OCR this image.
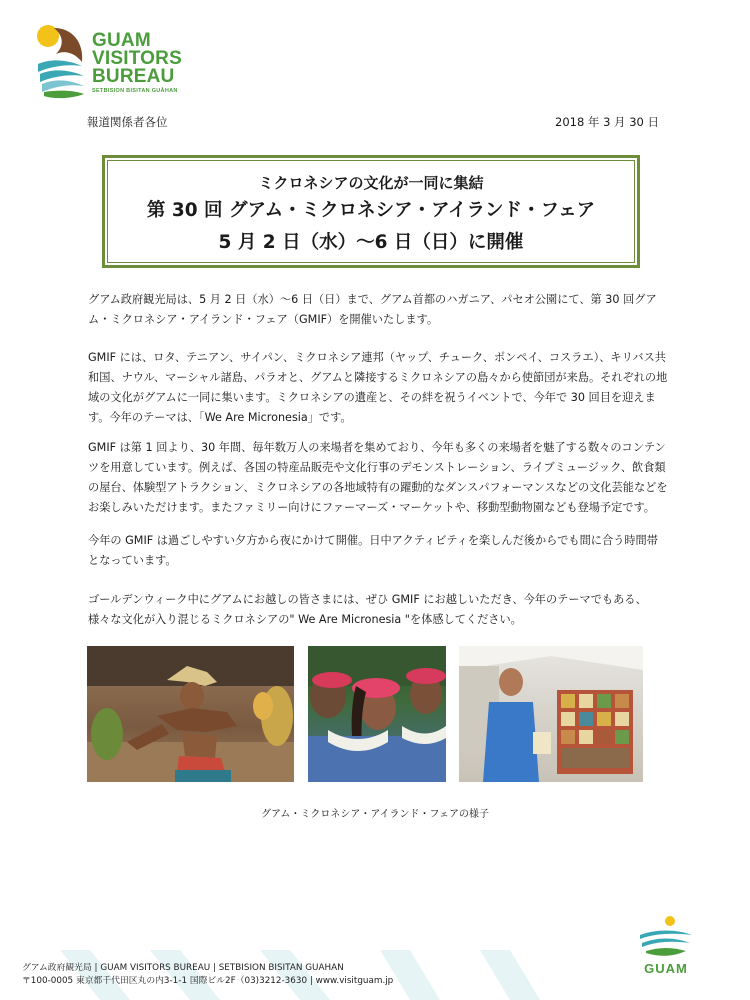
GUAM
VISITORS
BUREAU
SETBISION BISITAN GUÅHAN
報道関係者各位	2018 年 3 月 30 日
ミクロネシアの文化が一同に集結
第 30 回 グアム・ミクロネシア・アイランド・フェア
5 月 2 日（水）～6 日（日）に開催

グアム政府観光局は、5 月 2 日（水）～6 日（日）まで、グアム首都のハガニア、パセオ公園にて、第 30 回グアム・ミクロネシア・アイランド・フェア（GMIF）を開催いたします。

GMIF には、ロタ、テニアン、サイパン、ミクロネシア連邦（ヤップ、チューク、ポンペイ、コスラエ）、キリバス共和国、ナウル、マーシャル諸島、パラオと、グアムと隣接するミクロネシアの島々から使節団が来島。それぞれの地域の文化がグアムに一同に集います。ミクロネシアの遺産と、その絆を祝うイベントで、今年で 30 回目を迎えます。今年のテーマは、「We Are Micronesia」です。

GMIF は第 1 回より、30 年間、毎年数万人の来場者を集めており、今年も多くの来場者を魅了する数々のコンテンツを用意しています。例えば、各国の特産品販売や文化行事のデモンストレーション、ライブミュージック、飲食類の屋台、体験型アトラクション、ミクロネシアの各地域特有の躍動的なダンスパフォーマンスなどの文化芸能などをお楽しみいただけます。またファミリー向けにファーマーズ・マーケットや、移動型動物園なども登場予定です。

今年の GMIF は過ごしやすい夕方から夜にかけて開催。日中アクティビティを楽しんだ後からでも間に合う時間帯となっています。

ゴールデンウィーク中にグアムにお越しの皆さまには、ぜひ GMIF にお越しいただき、今年のテーマでもある、様々な文化が入り混じるミクロネシアの" We Are Micronesia "を体感してください。

グアム・ミクロネシア・アイランド・フェアの様子
グアム政府観光局 | GUAM VISITORS BUREAU | SETBISION BISITAN GUAHAN
〒100-0005 東京都千代田区丸の内3-1-1 国際ビル2F（03)3212-3630 | www.visitguam.jp
GUAM
